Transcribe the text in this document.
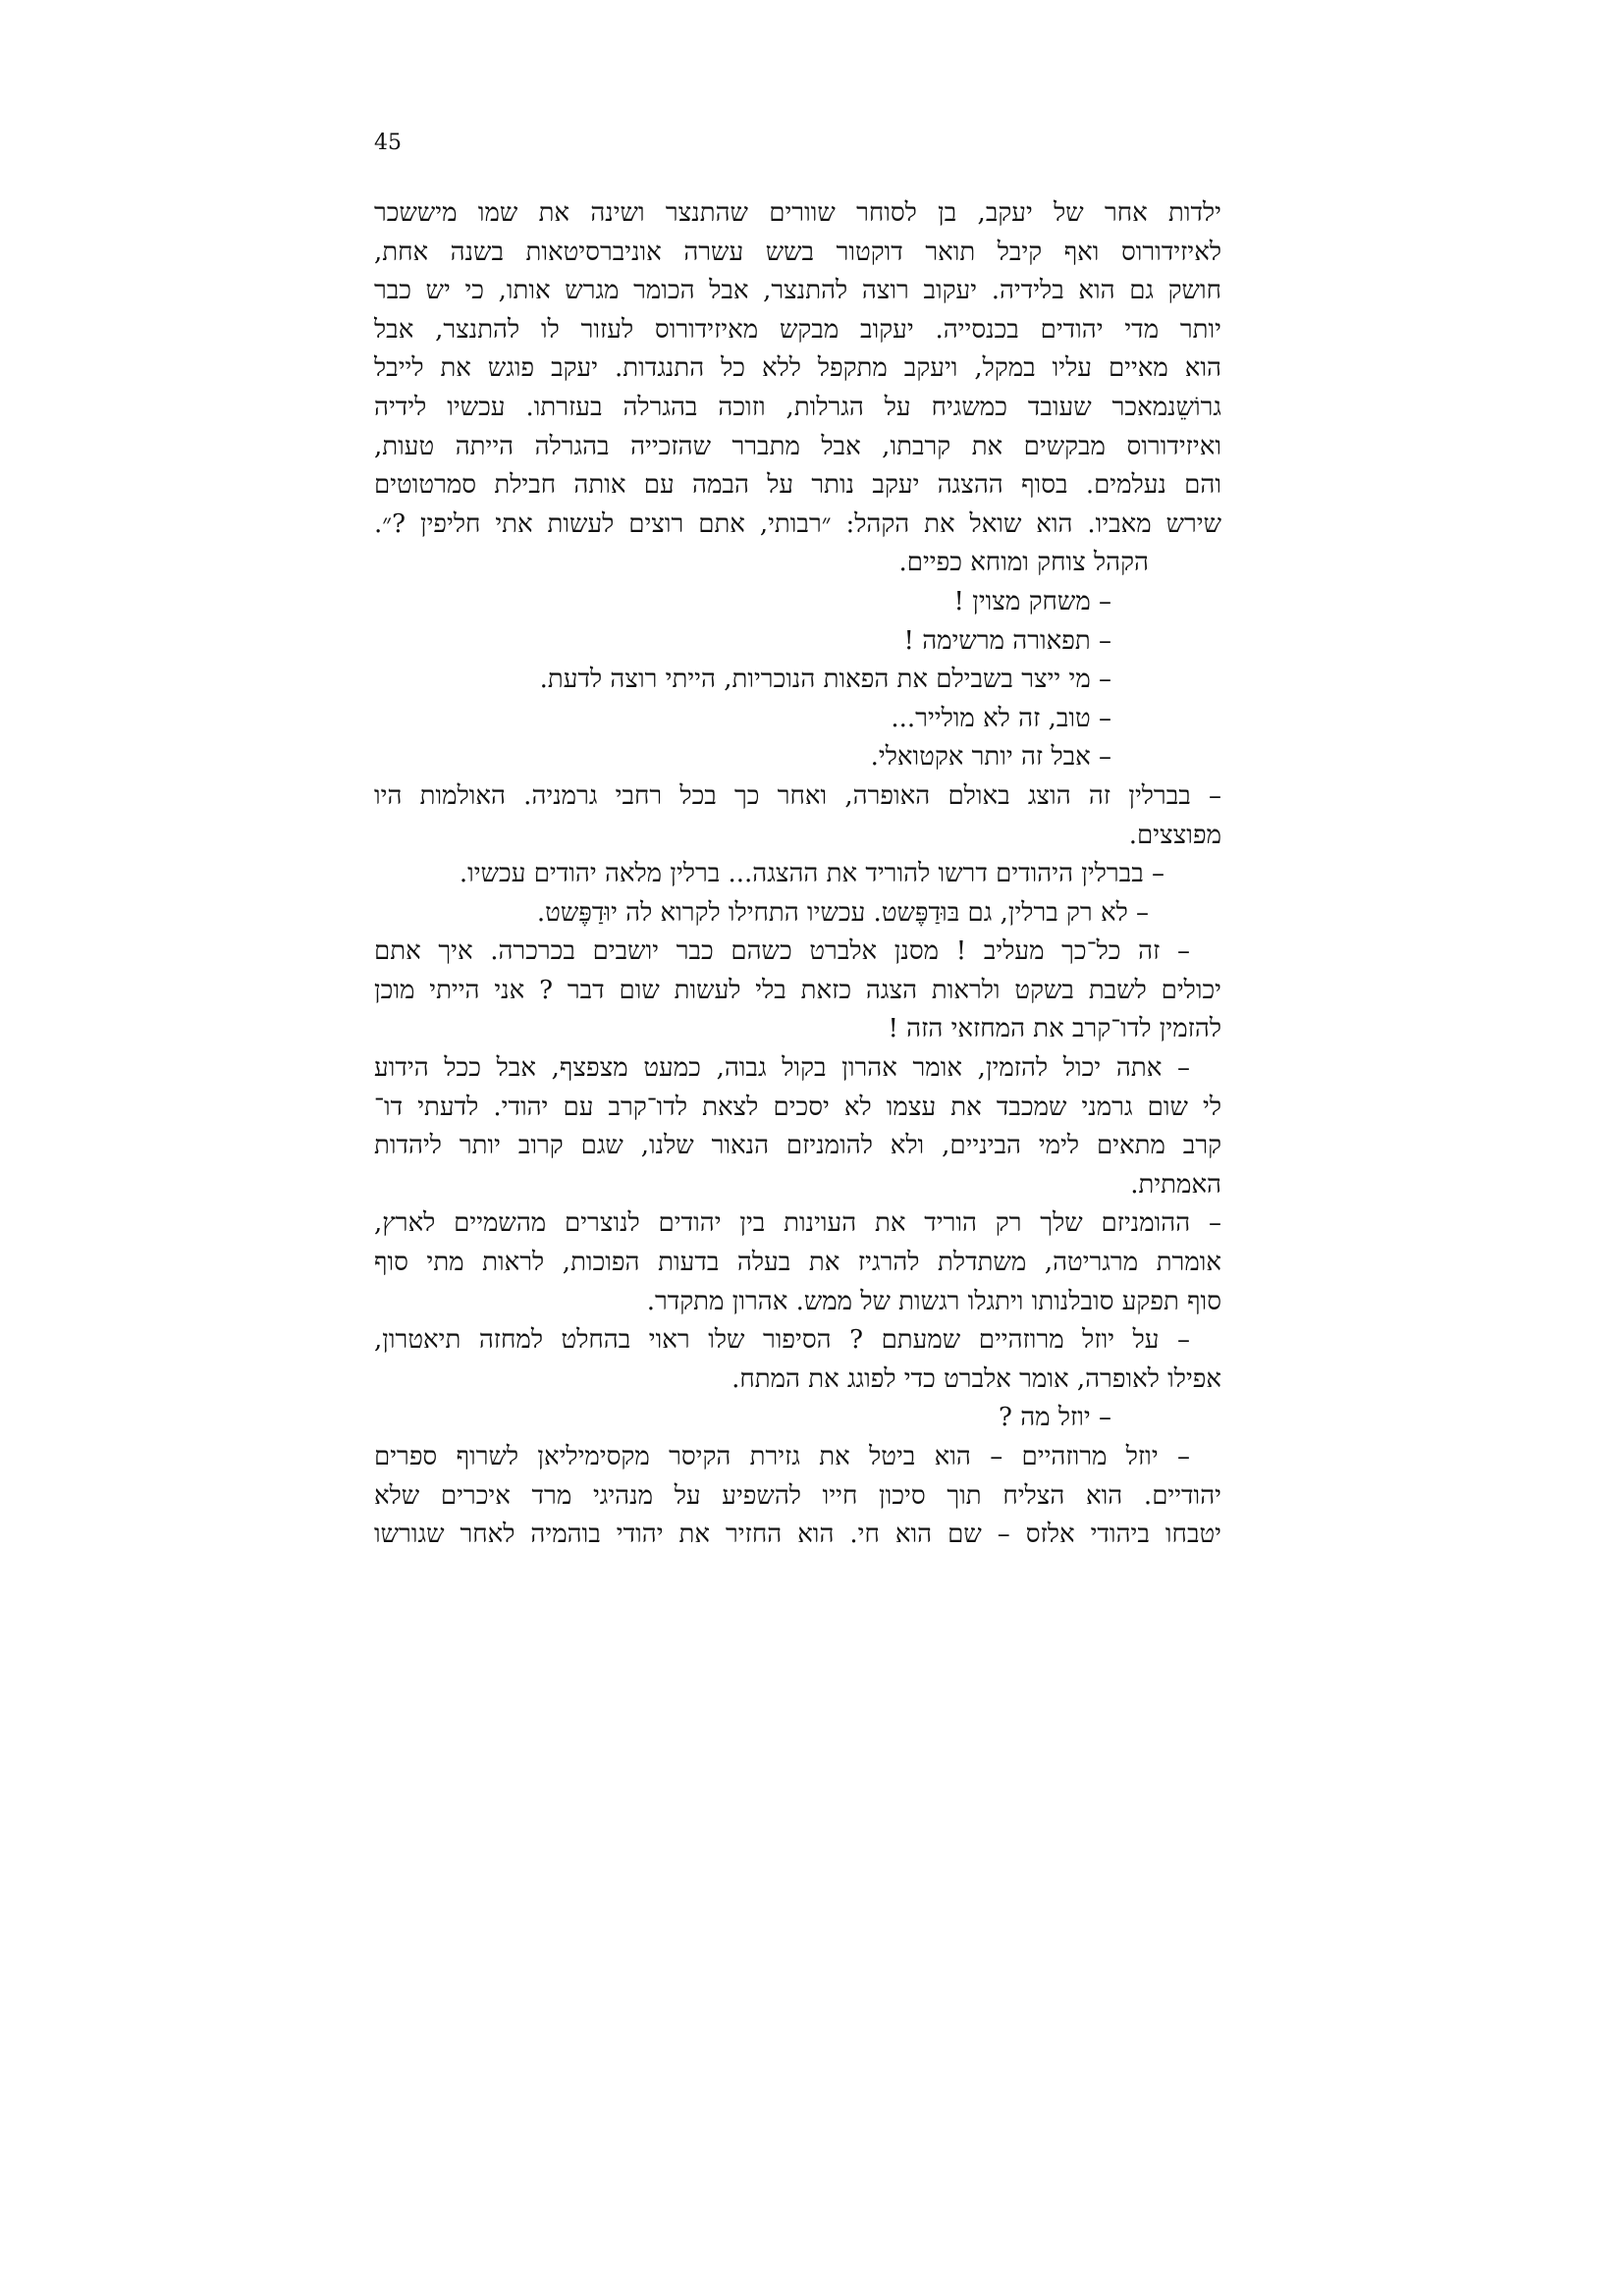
45
ילדות אחר של יעקב, בן לסוחר שוורים שהתנצר ושינה את שמו מיששכר
לאיזידורוס ואף קיבל תואר דוקטור בשש עשרה אוניברסיטאות בשנה אחת,
חושק גם הוא בלידיה. יעקוב רוצה להתנצר, אבל הכומר מגרש אותו, כי יש כבר
יותר מדי יהודים בכנסייה. יעקוב מבקש מאיזידורוס לעזור לו להתנצר, אבל
הוא מאיים עליו במקל, ויעקב מתקפל ללא כל התנגדות. יעקב פוגש את לייבל
גרוֹשֵנמאכר שעובד כמשגיח על הגרלות, וזוכה בהגרלה בעזרתו. עכשיו לידיה
ואיזידורוס מבקשים את קרבתו, אבל מתברר שהזכייה בהגרלה הייתה טעות,
והם נעלמים. בסוף ההצגה יעקב נותר על הבמה עם אותה חבילת סמרטוטים
שירש מאביו. הוא שואל את הקהל: ״רבותי, אתם רוצים לעשות אתי חליפין ?״.
הקהל צוחק ומוחא כפיים.
– משחק מצוין !
– תפאורה מרשימה !
– מי ייצר בשבילם את הפאות הנוכריות, הייתי רוצה לדעת.
– טוב, זה לא מולייר...
– אבל זה יותר אקטואלי.
– בברלין זה הוצג באולם האופרה, ואחר כך בכל רחבי גרמניה. האולמות היו
מפוצצים.
– בברלין היהודים דרשו להוריד את ההצגה... ברלין מלאה יהודים עכשיו.
– לא רק ברלין, גם בּוּדַפֶּשט. עכשיו התחילו לקרוא לה יוּדַפֶּשט.
– זה כל־כך מעליב ! מסנן אלברט כשהם כבר יושבים בכרכרה. איך אתם
יכולים לשבת בשקט ולראות הצגה כזאת בלי לעשות שום דבר ? אני הייתי מוכן
להזמין לדו־קרב את המחזאי הזה !
– אתה יכול להזמין, אומר אהרון בקול גבוה, כמעט מצפצף, אבל ככל הידוע
לי שום גרמני שמכבד את עצמו לא יסכים לצאת לדו־קרב עם יהודי. לדעתי דו־
קרב מתאים לימי הביניים, ולא להומניזם הנאור שלנו, שגם קרוב יותר ליהדות
האמתית.
– ההומניזם שלך רק הוריד את העוינות בין יהודים לנוצרים מהשמיים לארץ,
אומרת מרגריטה, משתדלת להרגיז את בעלה בדעות הפוכות, לראות מתי סוף
סוף תפקע סובלנותו ויתגלו רגשות של ממש. אהרון מתקדר.
– על יוזל מרוזהיים שמעתם ? הסיפור שלו ראוי בהחלט למחזה תיאטרון,
אפילו לאופרה, אומר אלברט כדי לפוגג את המתח.
– יוזל מה ?
– יוזל מרוזהיים – הוא ביטל את גזירת הקיסר מקסימיליאן לשרוף ספרים
יהודיים. הוא הצליח תוך סיכון חייו להשפיע על מנהיגי מרד איכרים שלא
יטבחו ביהודי אלזס – שם הוא חי. הוא החזיר את יהודי בוהמיה לאחר שגורשו
